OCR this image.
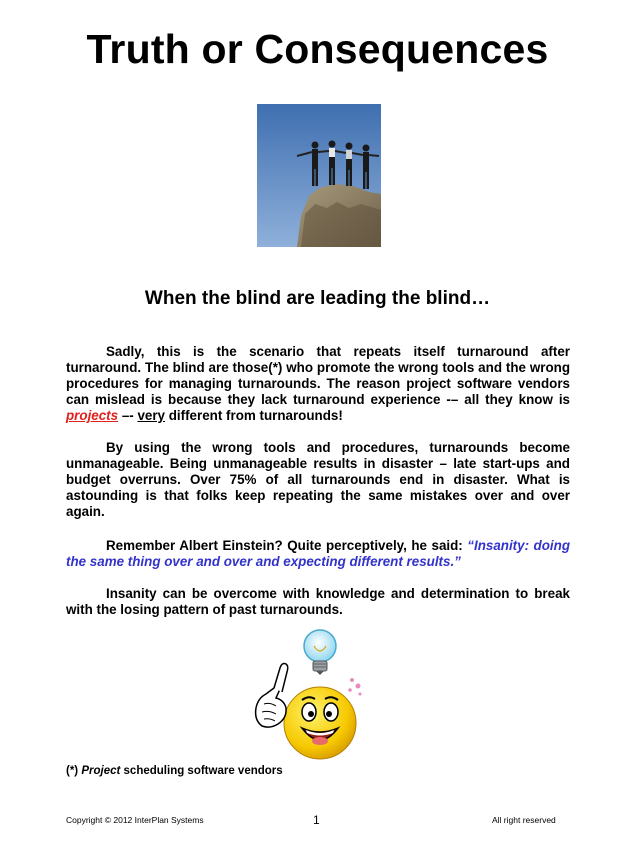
Truth or Consequences
When the blind are leading the blind…
Sadly, this is the scenario that repeats itself turnaround after turnaround. The blind are those(*) who promote the wrong tools and the wrong procedures for managing turnarounds. The reason project software vendors can mislead is because they lack turnaround experience -– all they know is projects –- very different from turnarounds!
By using the wrong tools and procedures, turnarounds become unmanageable. Being unmanageable results in disaster – late start-ups and budget overruns. Over 75% of all turnarounds end in disaster. What is astounding is that folks keep repeating the same mistakes over and over again.
Remember Albert Einstein? Quite perceptively, he said: “Insanity: doing the same thing over and over and expecting different results.”
Insanity can be overcome with knowledge and determination to break with the losing pattern of past turnarounds.
(*) Project scheduling software vendors
Copyright © 2012 InterPlan Systems	1	All right reserved
